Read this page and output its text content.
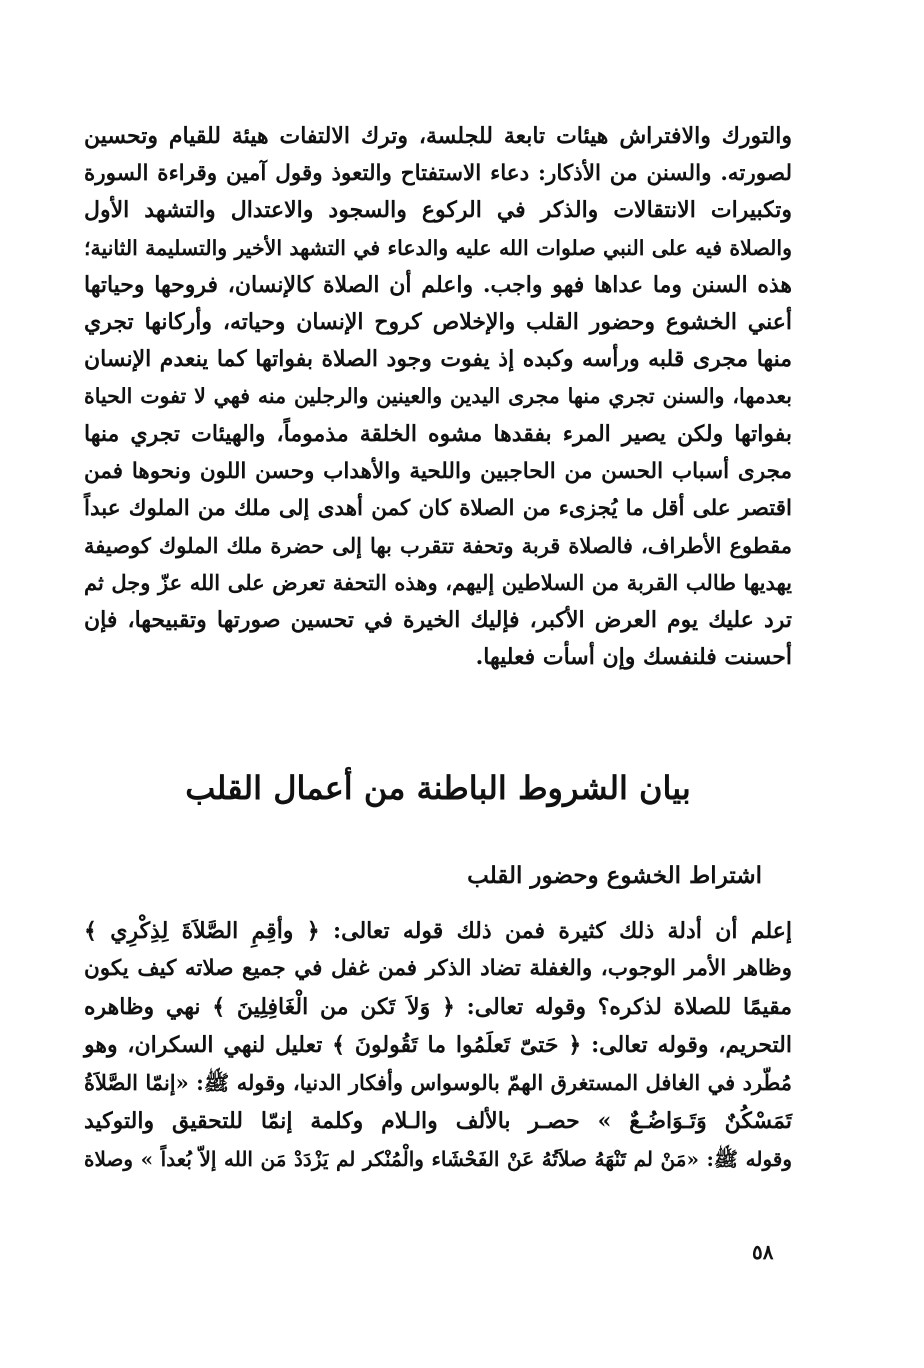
والتورك والافتراش هيئات تابعة للجلسة، وترك الالتفات هيئة للقيام وتحسين
لصورته. والسنن من الأذكار: دعاء الاستفتاح والتعوذ وقول آمين وقراءة السورة
وتكبيرات الانتقالات والذكر في الركوع والسجود والاعتدال والتشهد الأول
والصلاة فيه على النبي صلوات الله عليه والدعاء في التشهد الأخير والتسليمة الثانية؛
هذه السنن وما عداها فهو واجب. واعلم أن الصلاة كالإنسان، فروحها وحياتها
أعني الخشوع وحضور القلب والإخلاص كروح الإنسان وحياته، وأركانها تجري
منها مجرى قلبه ورأسه وكبده إذ يفوت وجود الصلاة بفواتها كما ينعدم الإنسان
بعدمها، والسنن تجري منها مجرى اليدين والعينين والرجلين منه فهي لا تفوت الحياة
بفواتها ولكن يصير المرء بفقدها مشوه الخلقة مذموماً، والهيئات تجري منها
مجرى أسباب الحسن من الحاجبين واللحية والأهداب وحسن اللون ونحوها فمن
اقتصر على أقل ما يُجزىء من الصلاة كان كمن أهدى إلى ملك من الملوك عبداً
مقطوع الأطراف، فالصلاة قربة وتحفة تتقرب بها إلى حضرة ملك الملوك كوصيفة
يهديها طالب القربة من السلاطين إليهم، وهذه التحفة تعرض على الله عزّ وجل ثم
ترد عليك يوم العرض الأكبر، فإليك الخيرة في تحسين صورتها وتقبيحها، فإن
أحسنت فلنفسك وإن أسأت فعليها.
بيان الشروط الباطنة من أعمال القلب
اشتراط الخشوع وحضور القلب
إعلم أن أدلة ذلك كثيرة فمن ذلك قوله تعالى: ﴿ وأقِمِ الصَّلاَةَ لِذِكْرِي ﴾
وظاهر الأمر الوجوب، والغفلة تضاد الذكر فمن غفل في جميع صلاته كيف يكون
مقيمًا للصلاة لذكره؟ وقوله تعالى: ﴿ وَلاَ تَكن من الْغَافِلِينَ ﴾ نهي وظاهره
التحريم، وقوله تعالى: ﴿ حَتىّ تَعلَمُوا ما تَقُولونَ ﴾ تعليل لنهي السكران، وهو
مُطّرد في الغافل المستغرق الهمّ بالوسواس وأفكار الدنيا، وقوله ﷺ: «إنمّا الصَّلاَةُ
تَمَسْكُنٌ وَتَـوَاضُـعٌ » حصـر بالألف والـلام وكلمة إنمّا للتحقيق والتوكيد
وقوله ﷺ: «مَنْ لم تَنْهَهُ صلاَتُهُ عَنْ الفَحْشَاء والْمُنْكر لم يَزْدَدْ مَن الله إلاّ بُعداً » وصلاة
٥٨
